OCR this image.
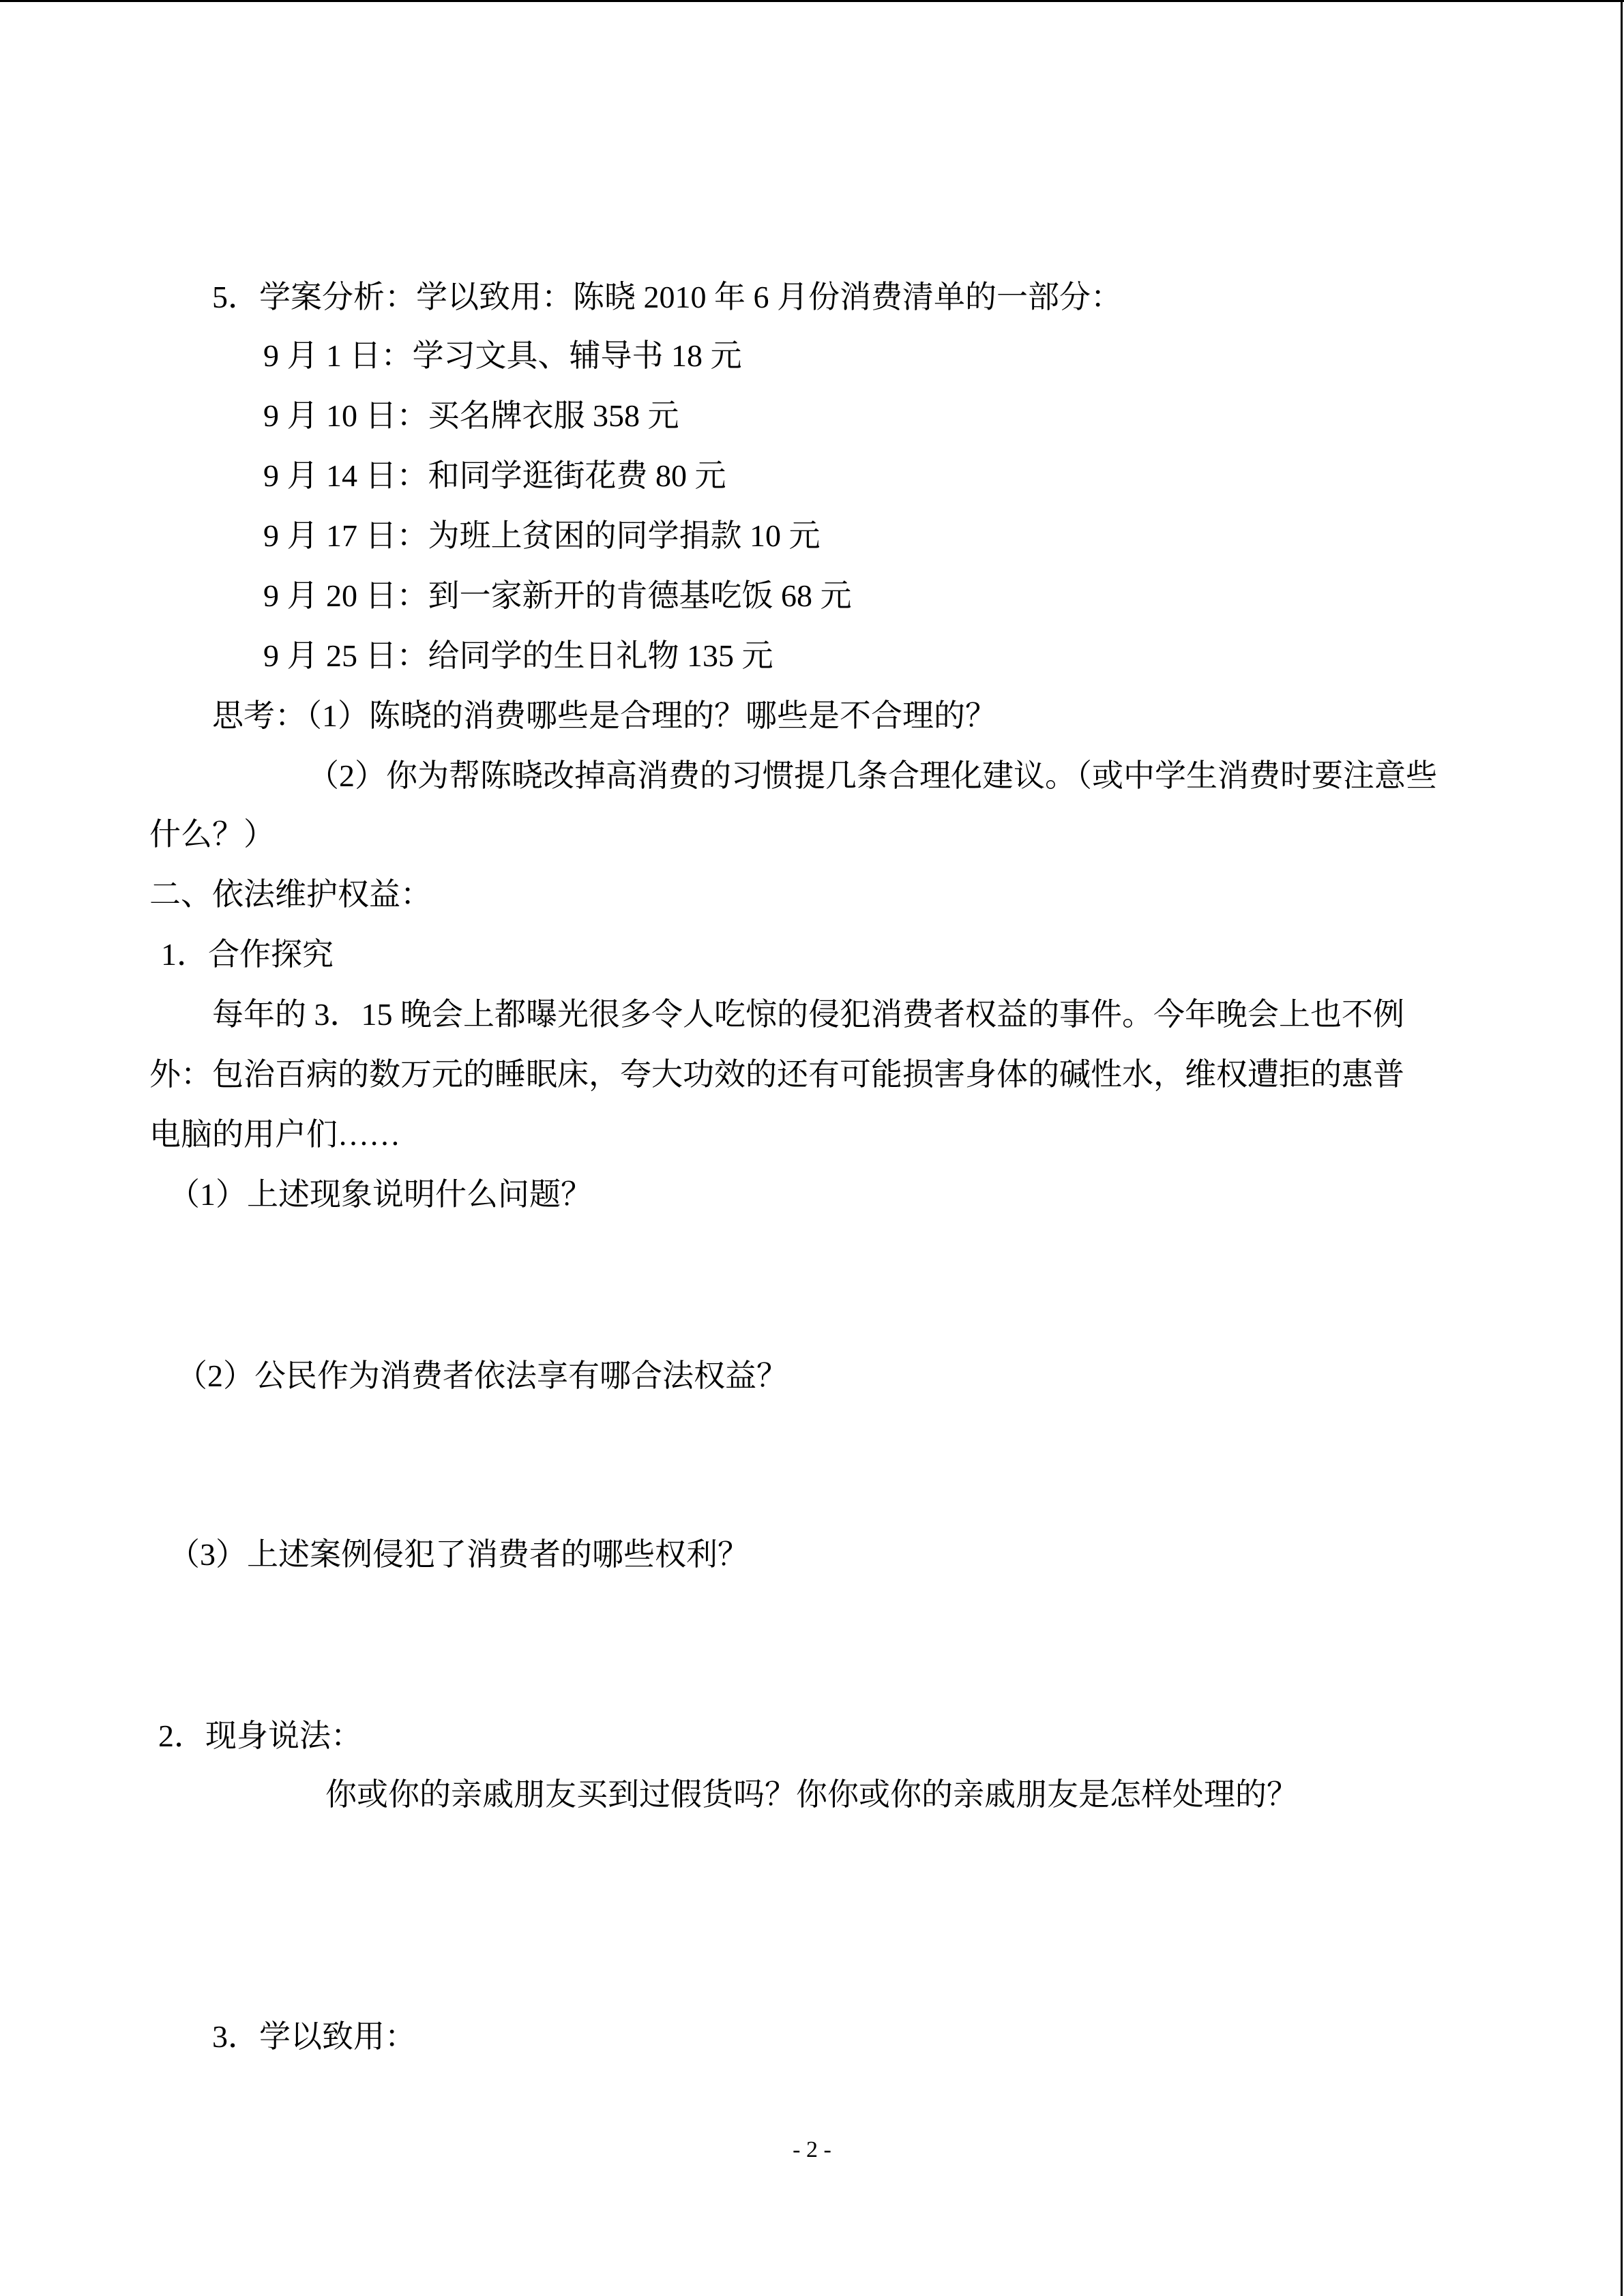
5．学案分析：学以致用：陈晓 2010 年 6 月份消费清单的一部分：
9 月 1 日：学习文具、辅导书 18 元
9 月 10 日：买名牌衣服 358 元
9 月 14 日：和同学逛街花费 80 元
9 月 17 日：为班上贫困的同学捐款 10 元
9 月 20 日：到一家新开的肯德基吃饭 68 元
9 月 25 日：给同学的生日礼物 135 元
思考：（1）陈晓的消费哪些是合理的？哪些是不合理的？
（2）你为帮陈晓改掉高消费的习惯提几条合理化建议。（或中学生消费时要注意些
什么？）
二、依法维护权益：
1．合作探究
每年的 3．15 晚会上都曝光很多令人吃惊的侵犯消费者权益的事件。今年晚会上也不例
外：包治百病的数万元的睡眠床，夸大功效的还有可能损害身体的碱性水，维权遭拒的惠普
电脑的用户们……
（1）上述现象说明什么问题？
（2）公民作为消费者依法享有哪合法权益？
（3）上述案例侵犯了消费者的哪些权利？
2．现身说法：
你或你的亲戚朋友买到过假货吗？你你或你的亲戚朋友是怎样处理的？
3．学以致用：
- 2 -
